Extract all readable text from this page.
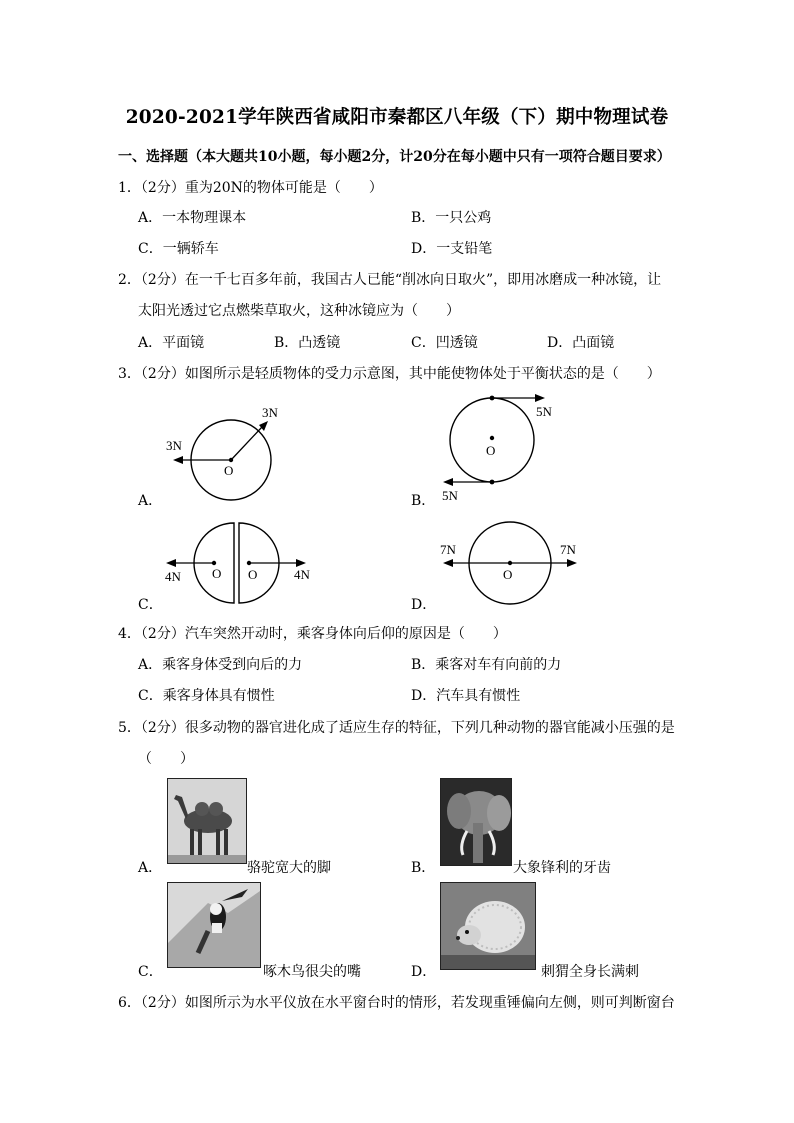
2020-2021学年陕西省咸阳市秦都区八年级（下）期中物理试卷
一、选择题（本大题共10小题，每小题2分，计20分在每小题中只有一项符合题目要求）
1．（2分）重为20N的物体可能是（　　）
A．一本物理课本	B．一只公鸡
C．一辆轿车	D．一支铅笔
2．（2分）在一千七百多年前，我国古人已能“削冰向日取火”，即用冰磨成一种冰镜，让
太阳光透过它点燃柴草取火，这种冰镜应为（　　）
A．平面镜	B．凸透镜	C．凹透镜	D．凸面镜
3．（2分）如图所示是轻质物体的受力示意图，其中能使物体处于平衡状态的是（　　）
3N
3N
O
A．
5N
5N
O
B．
4N	4N
O O
C．
7N	7N
O
D．
4．（2分）汽车突然开动时，乘客身体向后仰的原因是（　　）
A．乘客身体受到向后的力	B．乘客对车有向前的力
C．乘客身体具有惯性	D．汽车具有惯性
5．（2分）很多动物的器官进化成了适应生存的特征，下列几种动物的器官能减小压强的是
（　　）
A．	骆驼宽大的脚	B．	大象锋利的牙齿
C．	啄木鸟很尖的嘴	D．	刺猬全身长满刺
6．（2分）如图所示为水平仪放在水平窗台时的情形，若发现重锤偏向左侧，则可判断窗台
